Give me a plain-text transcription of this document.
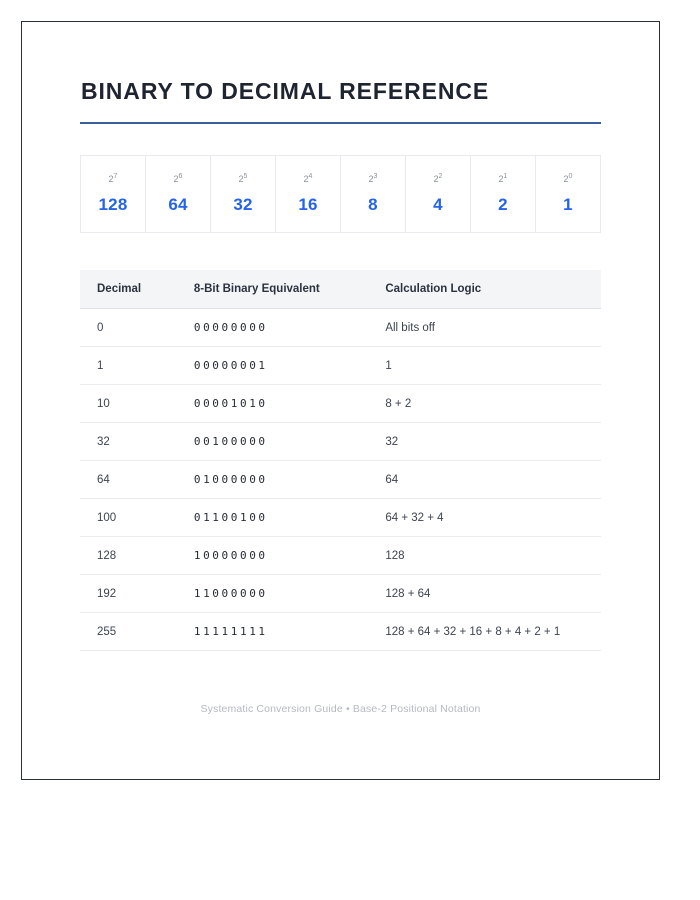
BINARY TO DECIMAL REFERENCE
$2^7$
128
$2^6$
64
$2^5$
32
$2^4$
16
$2^3$
8
$2^2$
4
$2^1$
2
$2^0$
1
Decimal	8-Bit Binary Equivalent	Calculation Logic
0	00000000	All bits off
1	00000001	1
10	00001010	8 + 2
32	00100000	32
64	01000000	64
100	01100100	64 + 32 + 4
128	10000000	128
192	11000000	128 + 64
255	11111111	128 + 64 + 32 + 16 + 8 + 4 + 2 + 1
Systematic Conversion Guide • Base-2 Positional Notation
